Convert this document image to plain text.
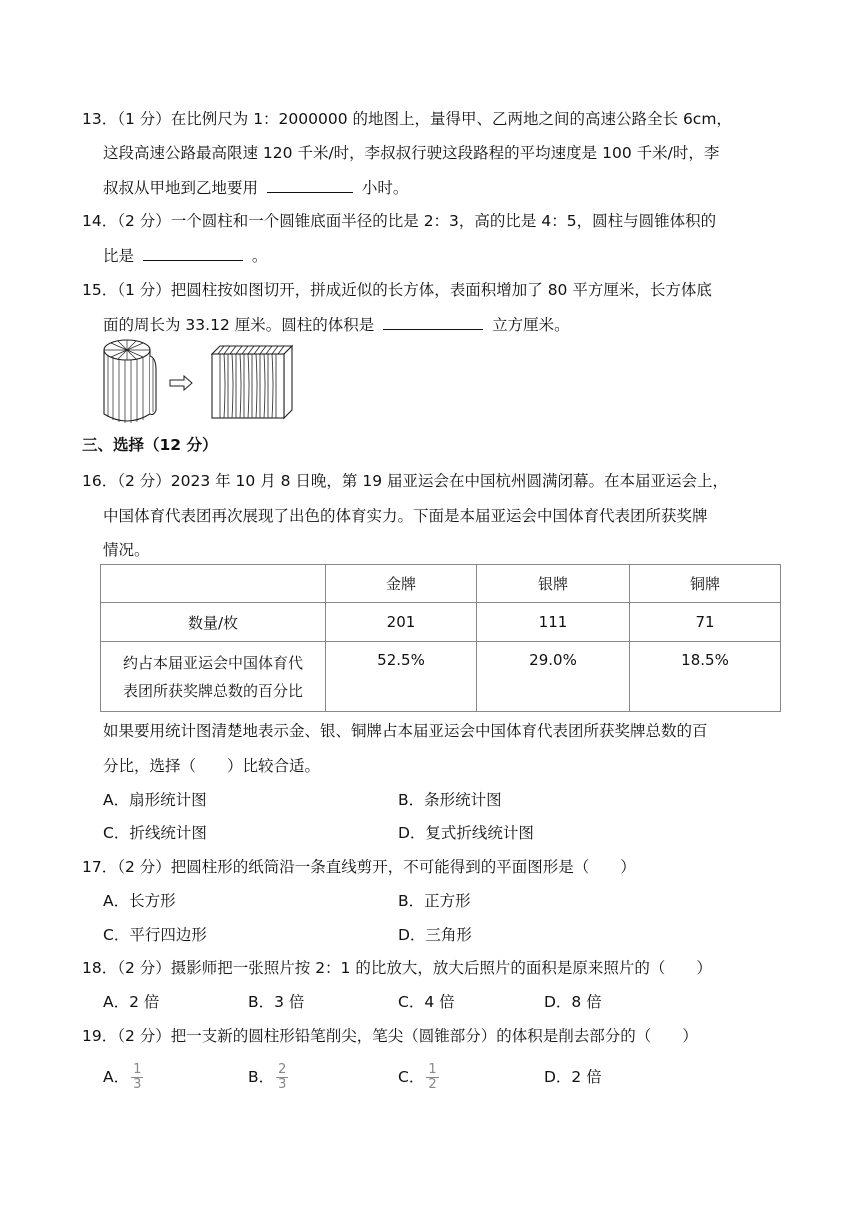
13．（1 分）在比例尺为 1：2000000 的地图上，量得甲、乙两地之间的高速公路全长 6cm，
这段高速公路最高限速 120 千米/时，李叔叔行驶这段路程的平均速度是 100 千米/时，李
叔叔从甲地到乙地要用	小时。
14．（2 分）一个圆柱和一个圆锥底面半径的比是 2：3，高的比是 4：5，圆柱与圆锥体积的
比是	。
15．（1 分）把圆柱按如图切开，拼成近似的长方体，表面积增加了 80 平方厘米，长方体底
面的周长为 33.12 厘米。圆柱的体积是	立方厘米。
三、选择（12 分）
16．（2 分）2023 年 10 月 8 日晚，第 19 届亚运会在中国杭州圆满闭幕。在本届亚运会上，
中国体育代表团再次展现了出色的体育实力。下面是本届亚运会中国体育代表团所获奖牌
情况。
	金牌	银牌	铜牌
数量/枚	201	111	71

约占本届亚运会中国体育代
表团所获奖牌总数的百分比	52.5%	29.0%	18.5%
如果要用统计图清楚地表示金、银、铜牌占本届亚运会中国体育代表团所获奖牌总数的百
分比，选择（　　）比较合适。
A．扇形统计图	B．条形统计图
C．折线统计图	D．复式折线统计图
17．（2 分）把圆柱形的纸筒沿一条直线剪开，不可能得到的平面图形是（　　）
A．长方形	B．正方形
C．平行四边形	D．三角形
18．（2 分）摄影师把一张照片按 2：1 的比放大，放大后照片的面积是原来照片的（　　）
A．2 倍	B．3 倍	C．4 倍	D．8 倍
19．（2 分）把一支新的圆柱形铅笔削尖，笔尖（圆锥部分）的体积是削去部分的（　　）
A． $\frac{1}{3}$	B． $\frac{2}{3}$	C． $\frac{1}{2}$	D．2 倍
